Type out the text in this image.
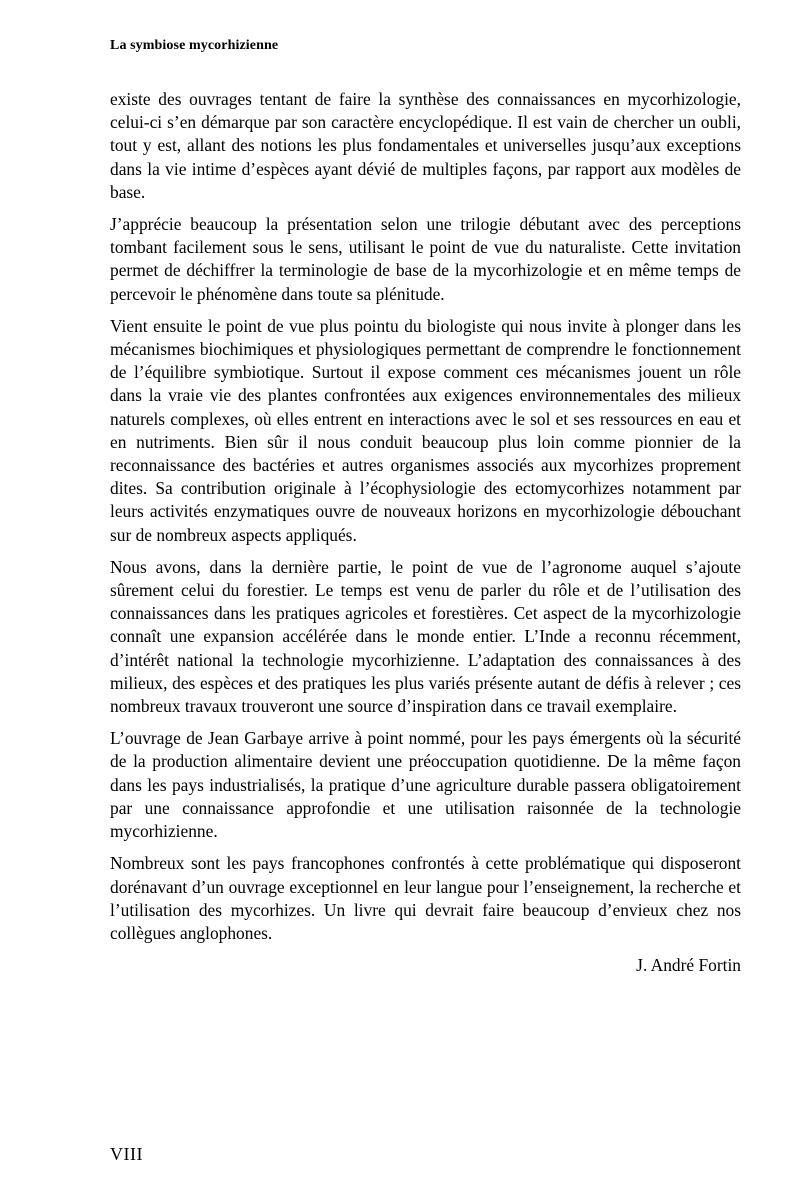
La symbiose mycorhizienne

existe des ouvrages tentant de faire la synthèse des connaissances en mycorhizologie, celui-ci s’en démarque par son caractère encyclopédique. Il est vain de chercher un oubli, tout y est, allant des notions les plus fondamentales et universelles jusqu’aux exceptions dans la vie intime d’espèces ayant dévié de multiples façons, par rapport aux modèles de base.

J’apprécie beaucoup la présentation selon une trilogie débutant avec des perceptions tombant facilement sous le sens, utilisant le point de vue du naturaliste. Cette invitation permet de déchiffrer la terminologie de base de la mycorhizologie et en même temps de percevoir le phénomène dans toute sa plénitude.

Vient ensuite le point de vue plus pointu du biologiste qui nous invite à plonger dans les mécanismes biochimiques et physiologiques permettant de comprendre le fonctionnement de l’équilibre symbiotique. Surtout il expose comment ces mécanismes jouent un rôle dans la vraie vie des plantes confrontées aux exigences environnementales des milieux naturels complexes, où elles entrent en interactions avec le sol et ses ressources en eau et en nutriments. Bien sûr il nous conduit beaucoup plus loin comme pionnier de la reconnaissance des bactéries et autres organismes associés aux mycorhizes proprement dites. Sa contribution originale à l’écophysiologie des ectomycorhizes notamment par leurs activités enzymatiques ouvre de nouveaux horizons en mycorhizologie débouchant sur de nombreux aspects appliqués.

Nous avons, dans la dernière partie, le point de vue de l’agronome auquel s’ajoute sûrement celui du forestier. Le temps est venu de parler du rôle et de l’utilisation des connaissances dans les pratiques agricoles et forestières. Cet aspect de la mycorhizologie connaît une expansion accélérée dans le monde entier. L’Inde a reconnu récemment, d’intérêt national la technologie mycorhizienne. L’adaptation des connaissances à des milieux, des espèces et des pratiques les plus variés présente autant de défis à relever ; ces nombreux travaux trouveront une source d’inspiration dans ce travail exemplaire.

L’ouvrage de Jean Garbaye arrive à point nommé, pour les pays émergents où la sécurité de la production alimentaire devient une préoccupation quotidienne. De la même façon dans les pays industrialisés, la pratique d’une agriculture durable passera obligatoirement par une connaissance approfondie et une utilisation raisonnée de la technologie mycorhizienne.

Nombreux sont les pays francophones confrontés à cette problématique qui disposeront dorénavant d’un ouvrage exceptionnel en leur langue pour l’enseignement, la recherche et l’utilisation des mycorhizes. Un livre qui devrait faire beaucoup d’envieux chez nos collègues anglophones.

J. André Fortin
VIII
